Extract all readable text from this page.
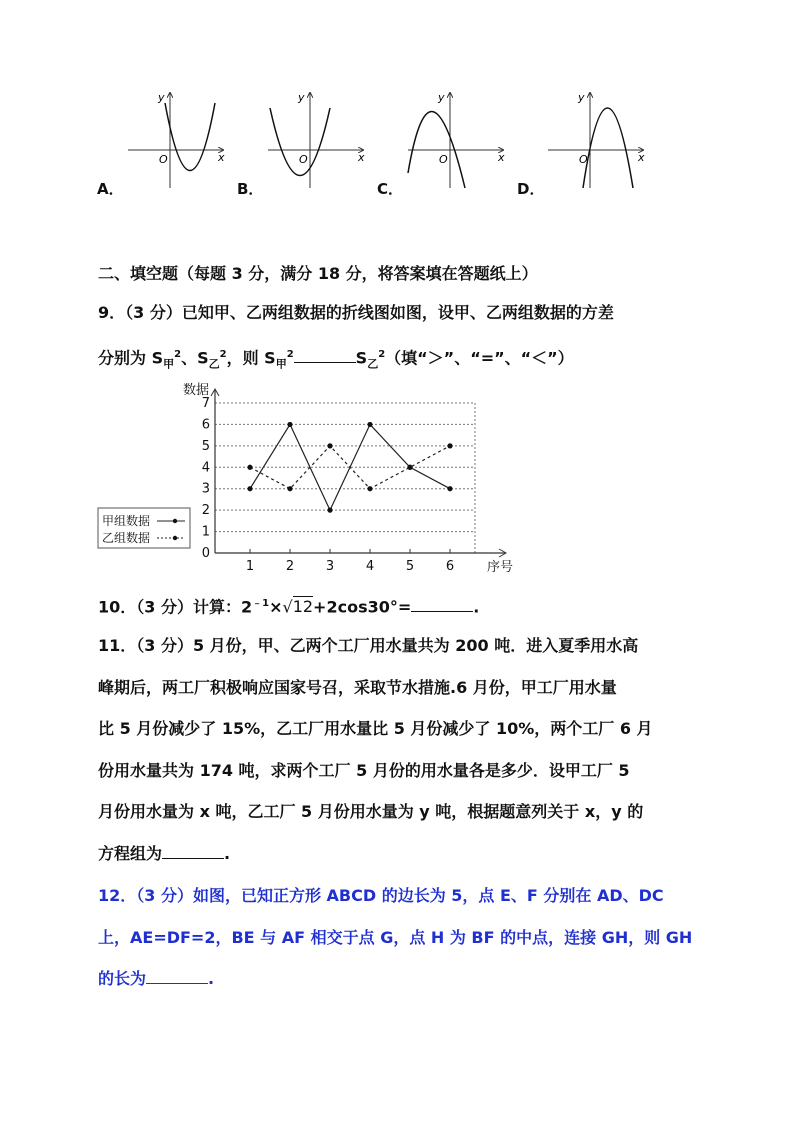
y
x
O
y
x
O
y
x
O
y
x
O
A．	B．	C．	D．
二、填空题（每题 3 分，满分 18 分，将答案填在答题纸上）
9．（3 分）已知甲、乙两组数据的折线图如图，设甲、乙两组数据的方差
分别为 $S_甲^2$、$S_乙^2$，则 $S_甲^2$	$S_乙^2$（填“＞”、“=”、“＜”）
0
1
2
3
4
5
6
7
数据
序号
1 2 3 4 5 6
甲组数据
乙组数据
10．（3 分）计算：$2^{﹣1}\times√12+2\cos 30^\circ=$	.
11．（3 分）5 月份，甲、乙两个工厂用水量共为 200 吨．进入夏季用水高
峰期后，两工厂积极响应国家号召，采取节水措施.6 月份，甲工厂用水量
比 5 月份减少了 15%，乙工厂用水量比 5 月份减少了 10%，两个工厂 6 月
份用水量共为 174 吨，求两个工厂 5 月份的用水量各是多少．设甲工厂 5
月份用水量为 x 吨，乙工厂 5 月份用水量为 y 吨，根据题意列关于 x，y 的
方程组为	.
12．（3 分）如图，已知正方形 ABCD 的边长为 5，点 E、F 分别在 AD、DC
上，AE=DF=2，BE 与 AF 相交于点 G，点 H 为 BF 的中点，连接 GH，则 GH
的长为	.
